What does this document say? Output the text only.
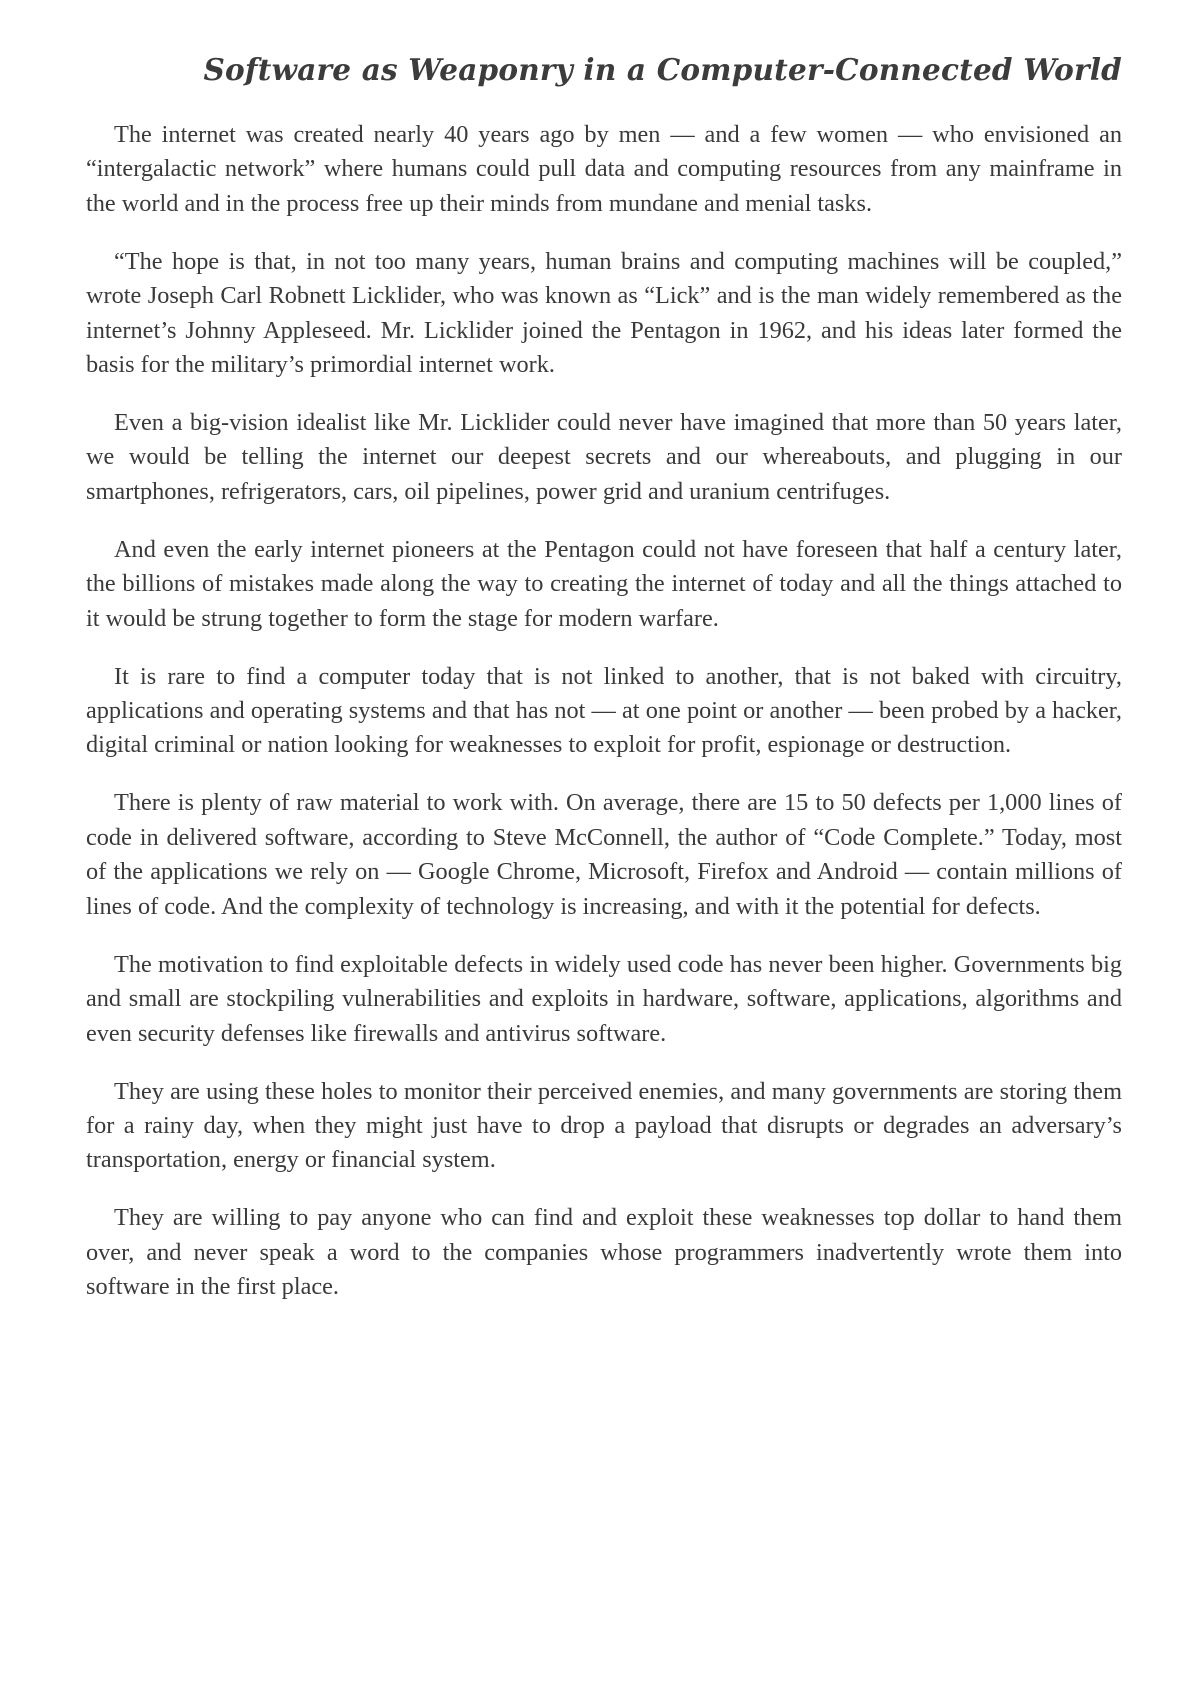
Software as Weaponry in a Computer-Connected World

The internet was created nearly 40 years ago by men — and a few women — who envisioned an “intergalactic network” where humans could pull data and computing resources from any mainframe in the world and in the process free up their minds from mundane and menial tasks.

“The hope is that, in not too many years, human brains and computing machines will be coupled,” wrote Joseph Carl Robnett Licklider, who was known as “Lick” and is the man widely remembered as the internet’s Johnny Appleseed. Mr. Licklider joined the Pentagon in 1962, and his ideas later formed the basis for the military’s primordial internet work.

Even a big-vision idealist like Mr. Licklider could never have imagined that more than 50 years later, we would be telling the internet our deepest secrets and our whereabouts, and plugging in our smartphones, refrigerators, cars, oil pipelines, power grid and uranium centrifuges.

And even the early internet pioneers at the Pentagon could not have foreseen that half a century later, the billions of mistakes made along the way to creating the internet of today and all the things attached to it would be strung together to form the stage for modern warfare.

It is rare to find a computer today that is not linked to another, that is not baked with circuitry, applications and operating systems and that has not — at one point or another — been probed by a hacker, digital criminal or nation looking for weaknesses to exploit for profit, espionage or destruction.

There is plenty of raw material to work with. On average, there are 15 to 50 defects per 1,000 lines of code in delivered software, according to Steve McConnell, the author of “Code Complete.” Today, most of the applications we rely on — Google Chrome, Microsoft, Firefox and Android — contain millions of lines of code. And the complexity of technology is increasing, and with it the potential for defects.

The motivation to find exploitable defects in widely used code has never been higher. Governments big and small are stockpiling vulnerabilities and exploits in hardware, software, applications, algorithms and even security defenses like firewalls and antivirus software.

They are using these holes to monitor their perceived enemies, and many governments are storing them for a rainy day, when they might just have to drop a payload that disrupts or degrades an adversary’s transportation, energy or financial system.

They are willing to pay anyone who can find and exploit these weaknesses top dollar to hand them over, and never speak a word to the companies whose programmers inadvertently wrote them into software in the first place.
